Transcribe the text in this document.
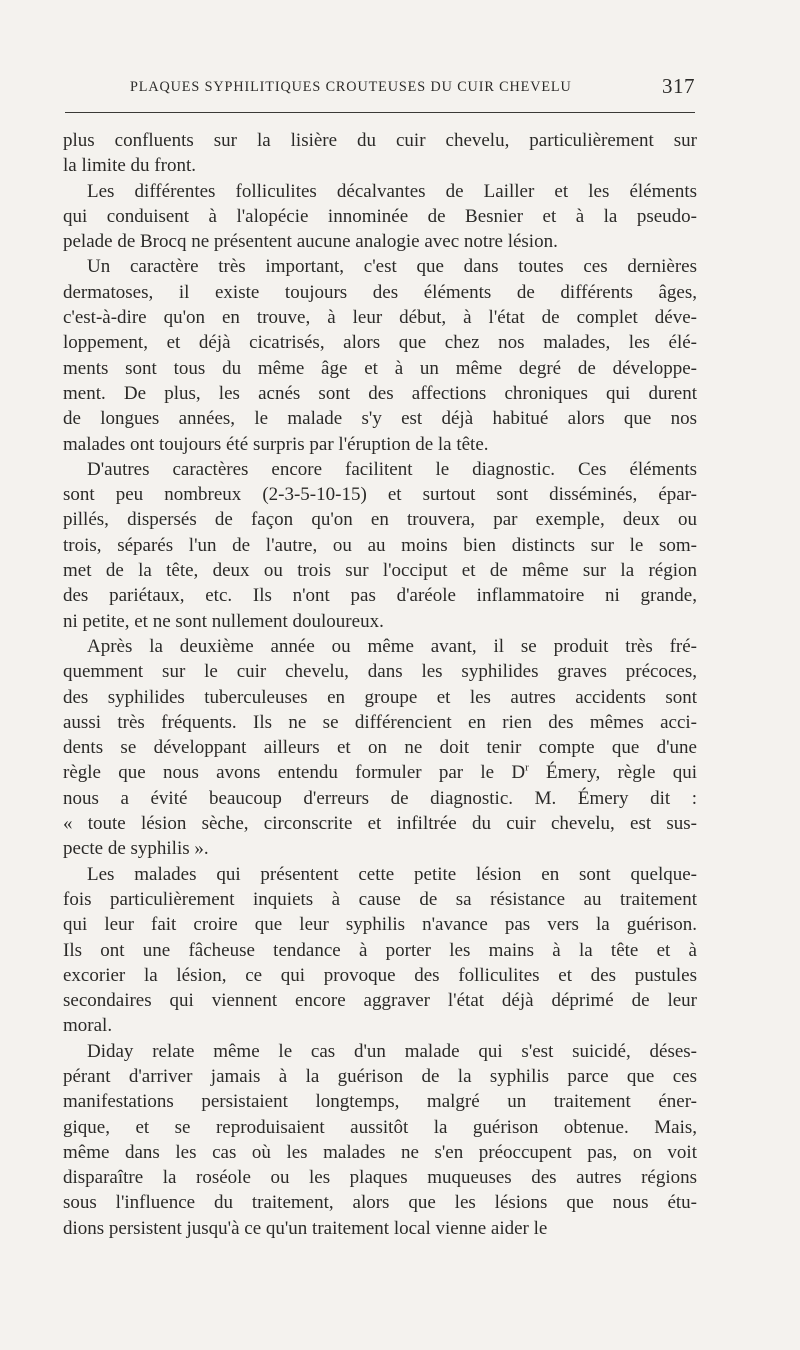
PLAQUES SYPHILITIQUES CROUTEUSES DU CUIR CHEVELU	317
plus confluents sur la lisière du cuir chevelu, particulièrement sur
la limite du front.
Les différentes folliculites décalvantes de Lailler et les éléments
qui conduisent à l'alopécie innominée de Besnier et à la pseudo-
pelade de Brocq ne présentent aucune analogie avec notre lésion.
Un caractère très important, c'est que dans toutes ces dernières
dermatoses, il existe toujours des éléments de différents âges,
c'est-à-dire qu'on en trouve, à leur début, à l'état de complet déve-
loppement, et déjà cicatrisés, alors que chez nos malades, les élé-
ments sont tous du même âge et à un même degré de développe-
ment. De plus, les acnés sont des affections chroniques qui durent
de longues années, le malade s'y est déjà habitué alors que nos
malades ont toujours été surpris par l'éruption de la tête.
D'autres caractères encore facilitent le diagnostic. Ces éléments
sont peu nombreux (2-3-5-10-15) et surtout sont disséminés, épar-
pillés, dispersés de façon qu'on en trouvera, par exemple, deux ou
trois, séparés l'un de l'autre, ou au moins bien distincts sur le som-
met de la tête, deux ou trois sur l'occiput et de même sur la région
des pariétaux, etc. Ils n'ont pas d'aréole inflammatoire ni grande,
ni petite, et ne sont nullement douloureux.
Après la deuxième année ou même avant, il se produit très fré-
quemment sur le cuir chevelu, dans les syphilides graves précoces,
des syphilides tuberculeuses en groupe et les autres accidents sont
aussi très fréquents. Ils ne se différencient en rien des mêmes acci-
dents se développant ailleurs et on ne doit tenir compte que d'une
règle que nous avons entendu formuler par le $D^r$ Émery, règle qui
nous a évité beaucoup d'erreurs de diagnostic. M. Émery dit :
« toute lésion sèche, circonscrite et infiltrée du cuir chevelu, est sus-
pecte de syphilis ».
Les malades qui présentent cette petite lésion en sont quelque-
fois particulièrement inquiets à cause de sa résistance au traitement
qui leur fait croire que leur syphilis n'avance pas vers la guérison.
Ils ont une fâcheuse tendance à porter les mains à la tête et à
excorier la lésion, ce qui provoque des folliculites et des pustules
secondaires qui viennent encore aggraver l'état déjà déprimé de leur
moral.
Diday relate même le cas d'un malade qui s'est suicidé, déses-
pérant d'arriver jamais à la guérison de la syphilis parce que ces
manifestations persistaient longtemps, malgré un traitement éner-
gique, et se reproduisaient aussitôt la guérison obtenue. Mais,
même dans les cas où les malades ne s'en préoccupent pas, on voit
disparaître la roséole ou les plaques muqueuses des autres régions
sous l'influence du traitement, alors que les lésions que nous étu-
dions persistent jusqu'à ce qu'un traitement local vienne aider le
